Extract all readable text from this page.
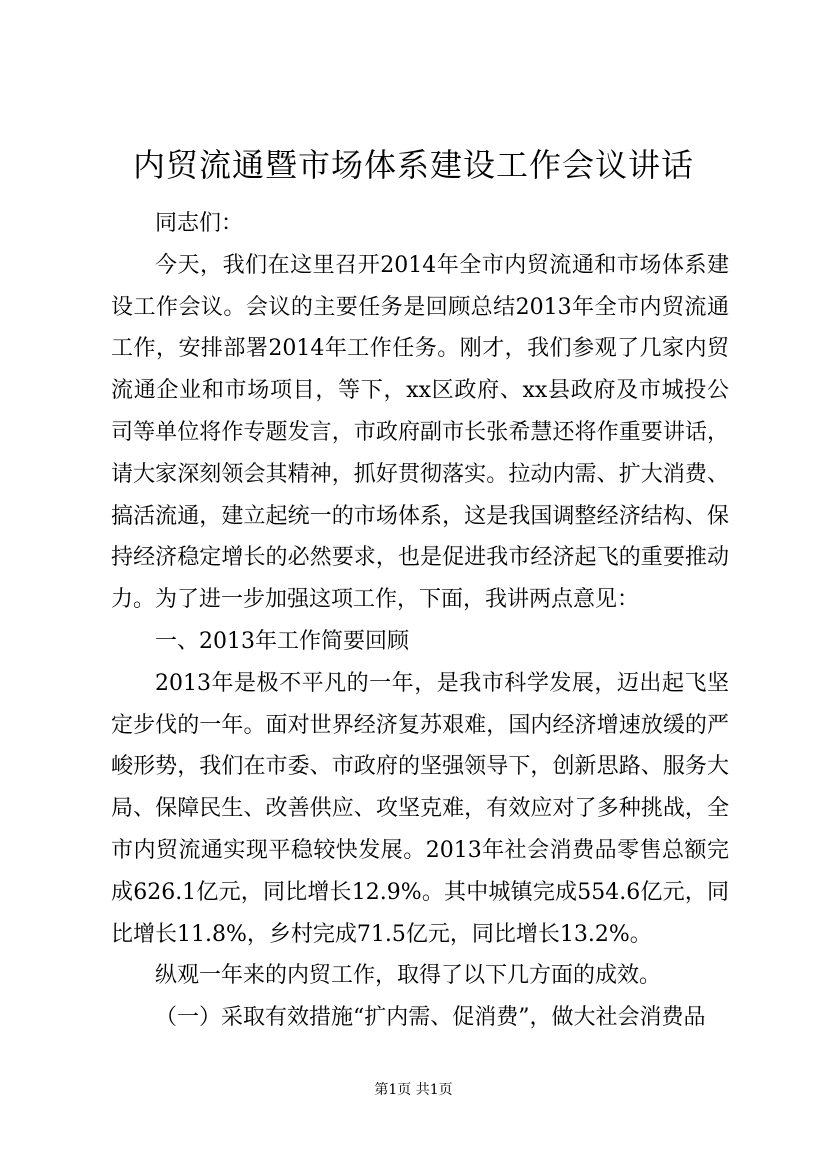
内贸流通暨市场体系建设工作会议讲话

同志们：

今天，我们在这里召开2014年全市内贸流通和市场体系建设工作会议。会议的主要任务是回顾总结2013年全市内贸流通工作，安排部署2014年工作任务。刚才，我们参观了几家内贸流通企业和市场项目，等下，xx区政府、xx县政府及市城投公司等单位将作专题发言，市政府副市长张希慧还将作重要讲话，请大家深刻领会其精神，抓好贯彻落实。拉动内需、扩大消费、搞活流通，建立起统一的市场体系，这是我国调整经济结构、保持经济稳定增长的必然要求，也是促进我市经济起飞的重要推动力。为了进一步加强这项工作，下面，我讲两点意见：

一、2013年工作简要回顾

2013年是极不平凡的一年，是我市科学发展，迈出起飞坚定步伐的一年。面对世界经济复苏艰难，国内经济增速放缓的严峻形势，我们在市委、市政府的坚强领导下，创新思路、服务大局、保障民生、改善供应、攻坚克难，有效应对了多种挑战，全市内贸流通实现平稳较快发展。2013年社会消费品零售总额完成626.1亿元，同比增长12.9%。其中城镇完成554.6亿元，同比增长11.8%，乡村完成71.5亿元，同比增长13.2%。

纵观一年来的内贸工作，取得了以下几方面的成效。

（一）采取有效措施“扩内需、促消费”，做大社会消费品

第1页 共1页
